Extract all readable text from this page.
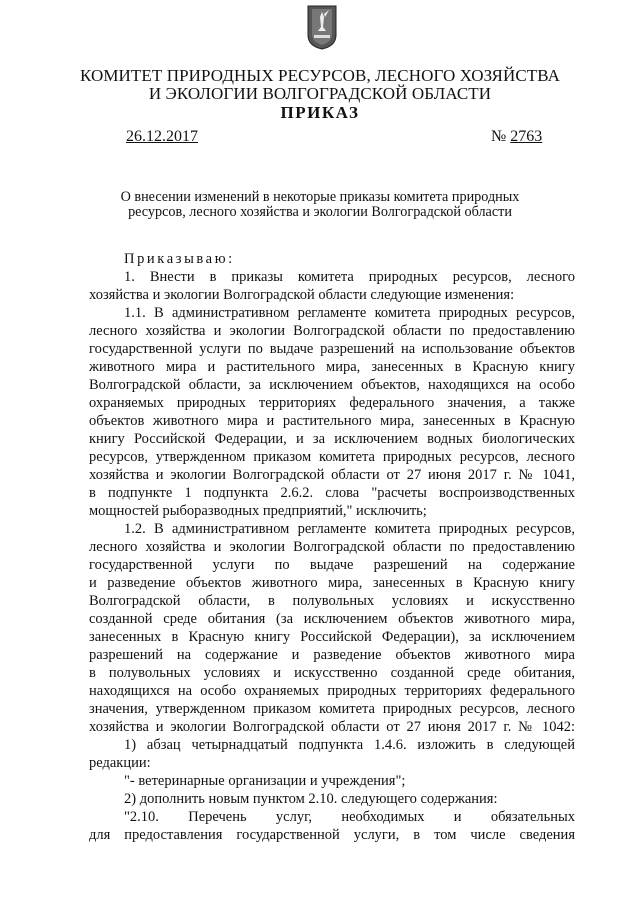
КОМИТЕТ ПРИРОДНЫХ РЕСУРСОВ, ЛЕСНОГО ХОЗЯЙСТВА
И ЭКОЛОГИИ ВОЛГОГРАДСКОЙ ОБЛАСТИ
ПРИКАЗ
26.12.2017	№ 2763
О внесении изменений в некоторые приказы комитета природных
ресурсов, лесного хозяйства и экологии Волгоградской области
Приказываю:
1. Внести в приказы комитета природных ресурсов, лесного
хозяйства и экологии Волгоградской области следующие изменения:
1.1. В административном регламенте комитета природных ресурсов,
лесного хозяйства и экологии Волгоградской области по предоставлению
государственной услуги по выдаче разрешений на использование объектов
животного мира и растительного мира, занесенных в Красную книгу
Волгоградской области, за исключением объектов, находящихся на особо
охраняемых природных территориях федерального значения, а также
объектов животного мира и растительного мира, занесенных в Красную
книгу Российской Федерации, и за исключением водных биологических
ресурсов, утвержденном приказом комитета природных ресурсов, лесного
хозяйства и экологии Волгоградской области от 27 июня 2017 г. № 1041,
в подпункте 1 подпункта 2.6.2. слова "расчеты воспроизводственных
мощностей рыборазводных предприятий," исключить;
1.2. В административном регламенте комитета природных ресурсов,
лесного хозяйства и экологии Волгоградской области по предоставлению
государственной услуги по выдаче разрешений на содержание
и разведение объектов животного мира, занесенных в Красную книгу
Волгоградской области, в полувольных условиях и искусственно
созданной среде обитания (за исключением объектов животного мира,
занесенных в Красную книгу Российской Федерации), за исключением
разрешений на содержание и разведение объектов животного мира
в полувольных условиях и искусственно созданной среде обитания,
находящихся на особо охраняемых природных территориях федерального
значения, утвержденном приказом комитета природных ресурсов, лесного
хозяйства и экологии Волгоградской области от 27 июня 2017 г. № 1042:
1) абзац четырнадцатый подпункта 1.4.6. изложить в следующей
редакции:
"- ветеринарные организации и учреждения";
2) дополнить новым пунктом 2.10. следующего содержания:
"2.10. Перечень услуг, необходимых и обязательных
для предоставления государственной услуги, в том числе сведения
